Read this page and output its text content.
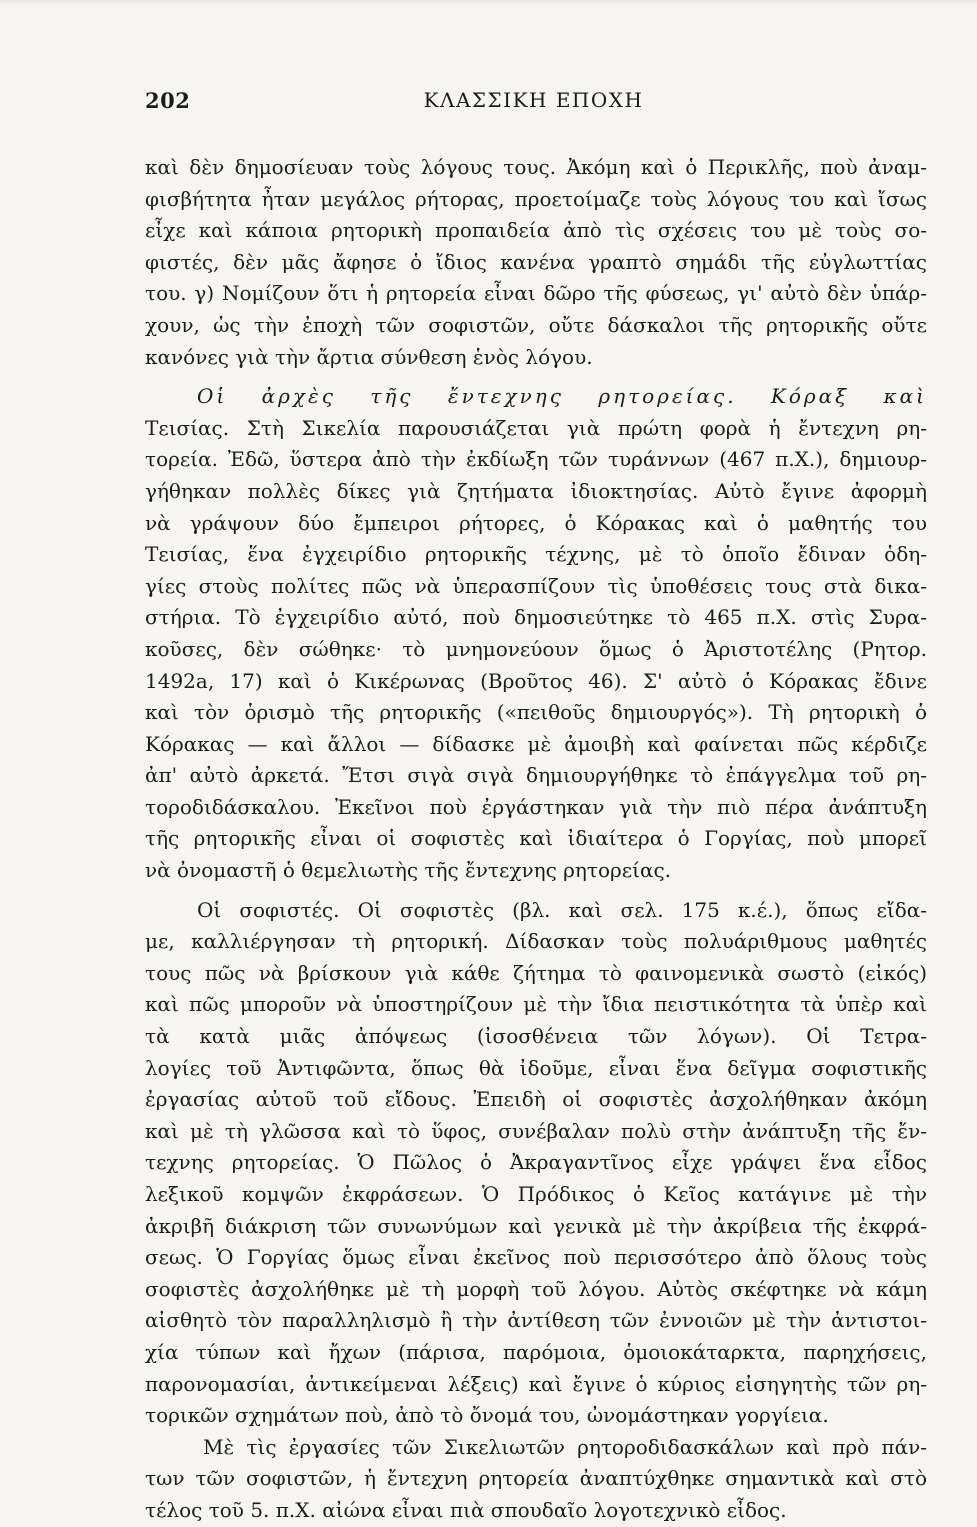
202	ΚΛΑΣΣΙΚΗ ΕΠΟΧΗ
καὶ δὲν δημοσίευαν τοὺς λόγους τους. Ἀκόμη καὶ ὁ Περικλῆς, ποὺ ἀναμ-
φισβήτητα ἦταν μεγάλος ρήτορας, προετοίμαζε τοὺς λόγους του καὶ ἴσως
εἶχε καὶ κάποια ρητορικὴ προπαιδεία ἀπὸ τὶς σχέσεις του μὲ τοὺς σο-
φιστές, δὲν μᾶς ἄφησε ὁ ἴδιος κανένα γραπτὸ σημάδι τῆς εὐγλωττίας
του. γ) Νομίζουν ὅτι ἡ ρητορεία εἶναι δῶρο τῆς φύσεως, γι' αὐτὸ δὲν ὑπάρ-
χουν, ὡς τὴν ἐποχὴ τῶν σοφιστῶν, οὔτε δάσκαλοι τῆς ρητορικῆς οὔτε
κανόνες γιὰ τὴν ἄρτια σύνθεση ἑνὸς λόγου.
Οἱ ἀρχὲς τῆς ἔντεχνης ρητορείας. Κόραξ καὶ
Τεισίας. Στὴ Σικελία παρουσιάζεται γιὰ πρώτη φορὰ ἡ ἔντεχνη ρη-
τορεία. Ἐδῶ, ὕστερα ἀπὸ τὴν ἐκδίωξη τῶν τυράννων (467 π.Χ.), δημιουρ-
γήθηκαν πολλὲς δίκες γιὰ ζητήματα ἰδιοκτησίας. Αὐτὸ ἔγινε ἀφορμὴ
νὰ γράψουν δύο ἔμπειροι ρήτορες, ὁ Κόρακας καὶ ὁ μαθητής του
Τεισίας, ἕνα ἐγχειρίδιο ρητορικῆς τέχνης, μὲ τὸ ὁποῖο ἔδιναν ὁδη-
γίες στοὺς πολίτες πῶς νὰ ὑπερασπίζουν τὶς ὑποθέσεις τους στὰ δικα-
στήρια. Τὸ ἐγχειρίδιο αὐτό, ποὺ δημοσιεύτηκε τὸ 465 π.Χ. στὶς Συρα-
κοῦσες, δὲν σώθηκε· τὸ μνημονεύουν ὅμως ὁ Ἀριστοτέλης (Ρητορ.
1492a, 17) καὶ ὁ Κικέρωνας (Βροῦτος 46). Σ' αὐτὸ ὁ Κόρακας ἔδινε
καὶ τὸν ὁρισμὸ τῆς ρητορικῆς («πειθοῦς δημιουργός»). Τὴ ρητορικὴ ὁ
Κόρακας — καὶ ἄλλοι — δίδασκε μὲ ἀμοιβὴ καὶ φαίνεται πῶς κέρδιζε
ἀπ' αὐτὸ ἀρκετά. Ἔτσι σιγὰ σιγὰ δημιουργήθηκε τὸ ἐπάγγελμα τοῦ ρη-
τοροδιδάσκαλου. Ἐκεῖνοι ποὺ ἐργάστηκαν γιὰ τὴν πιὸ πέρα ἀνάπτυξη
τῆς ρητορικῆς εἶναι οἱ σοφιστὲς καὶ ἰδιαίτερα ὁ Γοργίας, ποὺ μπορεῖ
νὰ ὀνομαστῆ ὁ θεμελιωτὴς τῆς ἔντεχνης ρητορείας.
Οἱ σοφιστές. Οἱ σοφιστὲς (βλ. καὶ σελ. 175 κ.έ.), ὅπως εἴδα-
με, καλλιέργησαν τὴ ρητορική. Δίδασκαν τοὺς πολυάριθμους μαθητές
τους πῶς νὰ βρίσκουν γιὰ κάθε ζήτημα τὸ φαινομενικὰ σωστὸ (εἰκός)
καὶ πῶς μποροῦν νὰ ὑποστηρίζουν μὲ τὴν ἴδια πειστικότητα τὰ ὑπὲρ καὶ
τὰ κατὰ μιᾶς ἀπόψεως (ἰσοσθένεια τῶν λόγων). Οἱ Τετρα-
λογίες τοῦ Ἀντιφῶντα, ὅπως θὰ ἰδοῦμε, εἶναι ἕνα δεῖγμα σοφιστικῆς
ἐργασίας αὐτοῦ τοῦ εἴδους. Ἐπειδὴ οἱ σοφιστὲς ἀσχολήθηκαν ἀκόμη
καὶ μὲ τὴ γλῶσσα καὶ τὸ ὕφος, συνέβαλαν πολὺ στὴν ἀνάπτυξη τῆς ἔν-
τεχνης ρητορείας. Ὁ Πῶλος ὁ Ἀκραγαντῖνος εἶχε γράψει ἕνα εἶδος
λεξικοῦ κομψῶν ἐκφράσεων. Ὁ Πρόδικος ὁ Κεῖος κατάγινε μὲ τὴν
ἀκριβῆ διάκριση τῶν συνωνύμων καὶ γενικὰ μὲ τὴν ἀκρίβεια τῆς ἐκφρά-
σεως. Ὁ Γοργίας ὅμως εἶναι ἐκεῖνος ποὺ περισσότερο ἀπὸ ὅλους τοὺς
σοφιστὲς ἀσχολήθηκε μὲ τὴ μορφὴ τοῦ λόγου. Αὐτὸς σκέφτηκε νὰ κάμη
αἰσθητὸ τὸν παραλληλισμὸ ἢ τὴν ἀντίθεση τῶν ἐννοιῶν μὲ τὴν ἀντιστοι-
χία τύπων καὶ ἤχων (πάρισα, παρόμοια, ὁμοιοκάταρκτα, παρηχήσεις,
παρονομασίαι, ἀντικείμεναι λέξεις) καὶ ἔγινε ὁ κύριος εἰσηγητὴς τῶν ρη-
τορικῶν σχημάτων ποὺ, ἀπὸ τὸ ὄνομά του, ὠνομάστηκαν γοργίεια.
Μὲ τὶς ἐργασίες τῶν Σικελιωτῶν ρητοροδιδασκάλων καὶ πρὸ πάν-
των τῶν σοφιστῶν, ἡ ἔντεχνη ρητορεία ἀναπτύχθηκε σημαντικὰ καὶ στὸ
τέλος τοῦ 5. π.Χ. αἰώνα εἶναι πιὰ σπουδαῖο λογοτεχνικὸ εἶδος.
